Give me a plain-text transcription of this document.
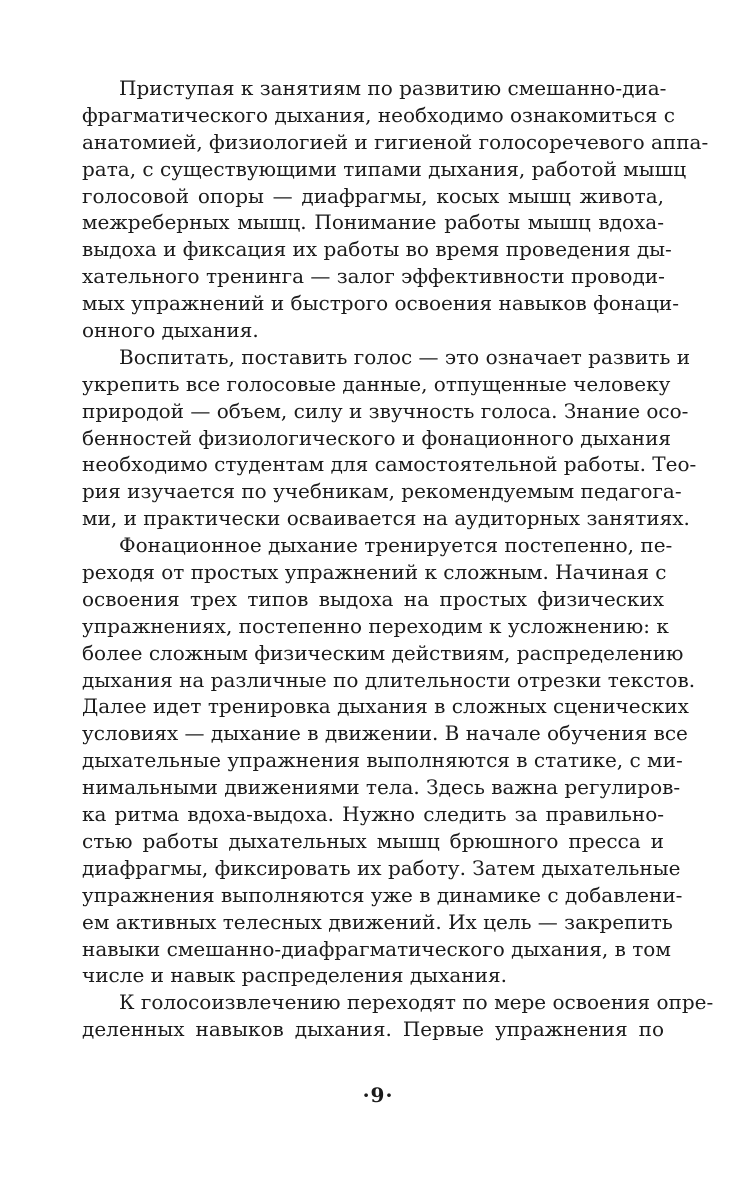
Приступая к занятиям по развитию смешанно-диа-
фрагматического дыхания, необходимо ознакомиться с
анатомией, физиологией и гигиеной голосоречевого аппа-
рата, с существующими типами дыхания, работой мышц
голосовой опоры — диафрагмы, косых мышц живота,
межреберных мышц. Понимание работы мышц вдоха-
выдоха и фиксация их работы во время проведения ды-
хательного тренинга — залог эффективности проводи-
мых упражнений и быстрого освоения навыков фонаци-
онного дыхания.
Воспитать, поставить голос — это означает развить и
укрепить все голосовые данные, отпущенные человеку
природой — объем, силу и звучность голоса. Знание осо-
бенностей физиологического и фонационного дыхания
необходимо студентам для самостоятельной работы. Тео-
рия изучается по учебникам, рекомендуемым педагога-
ми, и практически осваивается на аудиторных занятиях.
Фонационное дыхание тренируется постепенно, пе-
реходя от простых упражнений к сложным. Начиная с
освоения трех типов выдоха на простых физических
упражнениях, постепенно переходим к усложнению: к
более сложным физическим действиям, распределению
дыхания на различные по длительности отрезки текстов.
Далее идет тренировка дыхания в сложных сценических
условиях — дыхание в движении. В начале обучения все
дыхательные упражнения выполняются в статике, с ми-
нимальными движениями тела. Здесь важна регулиров-
ка ритма вдоха-выдоха. Нужно следить за правильно-
стью работы дыхательных мышц брюшного пресса и
диафрагмы, фиксировать их работу. Затем дыхательные
упражнения выполняются уже в динамике с добавлени-
ем активных телесных движений. Их цель — закрепить
навыки смешанно-диафрагматического дыхания, в том
числе и навык распределения дыхания.
К голосоизвлечению переходят по мере освоения опре-
деленных навыков дыхания. Первые упражнения по
·9·
